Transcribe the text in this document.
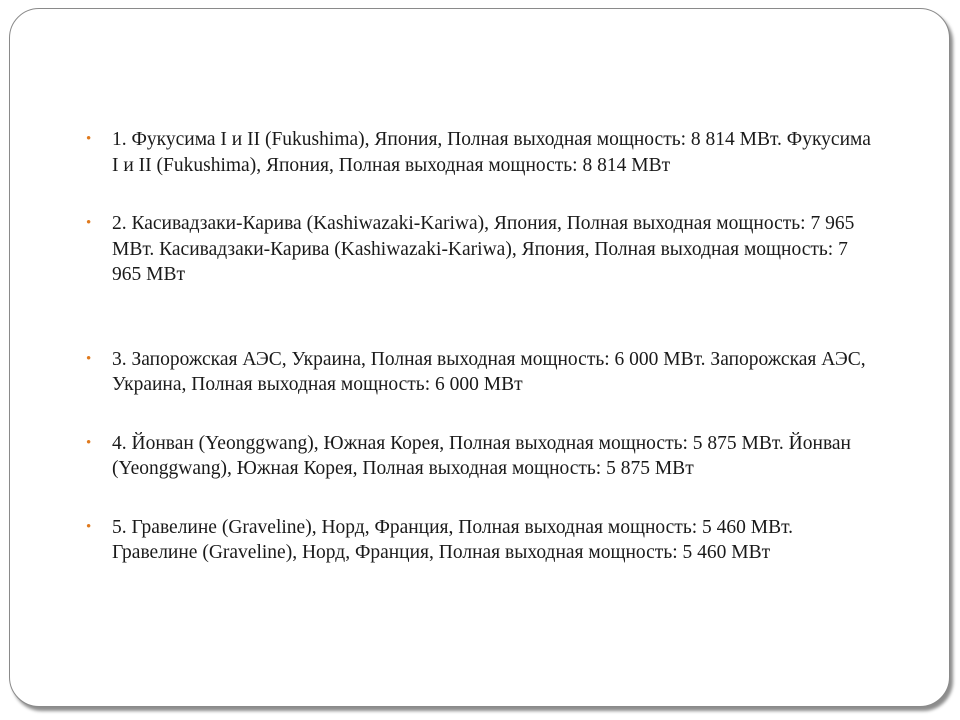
• 1. Фукусима I и II (Fukushima), Япония, Полная выходная мощность: 8 814 МВт. Фукусима I и II (Fukushima), Япония, Полная выходная мощность: 8 814 МВт
• 2. Касивадзаки-Карива (Kashiwazaki-Kariwa), Япония, Полная выходная мощность: 7 965 МВт. Касивадзаки-Карива (Kashiwazaki-Kariwa), Япония, Полная выходная мощность: 7 965 МВт
• 3. Запорожская АЭС, Украина, Полная выходная мощность: 6 000 МВт. Запорожская АЭС, Украина, Полная выходная мощность: 6 000 МВт
• 4. Йонван (Yeonggwang), Южная Корея, Полная выходная мощность: 5 875 МВт. Йонван (Yeonggwang), Южная Корея, Полная выходная мощность: 5 875 МВт
• 5. Гравелине (Graveline), Норд, Франция, Полная выходная мощность: 5 460 МВт. Гравелине (Graveline), Норд, Франция, Полная выходная мощность: 5 460 МВт
